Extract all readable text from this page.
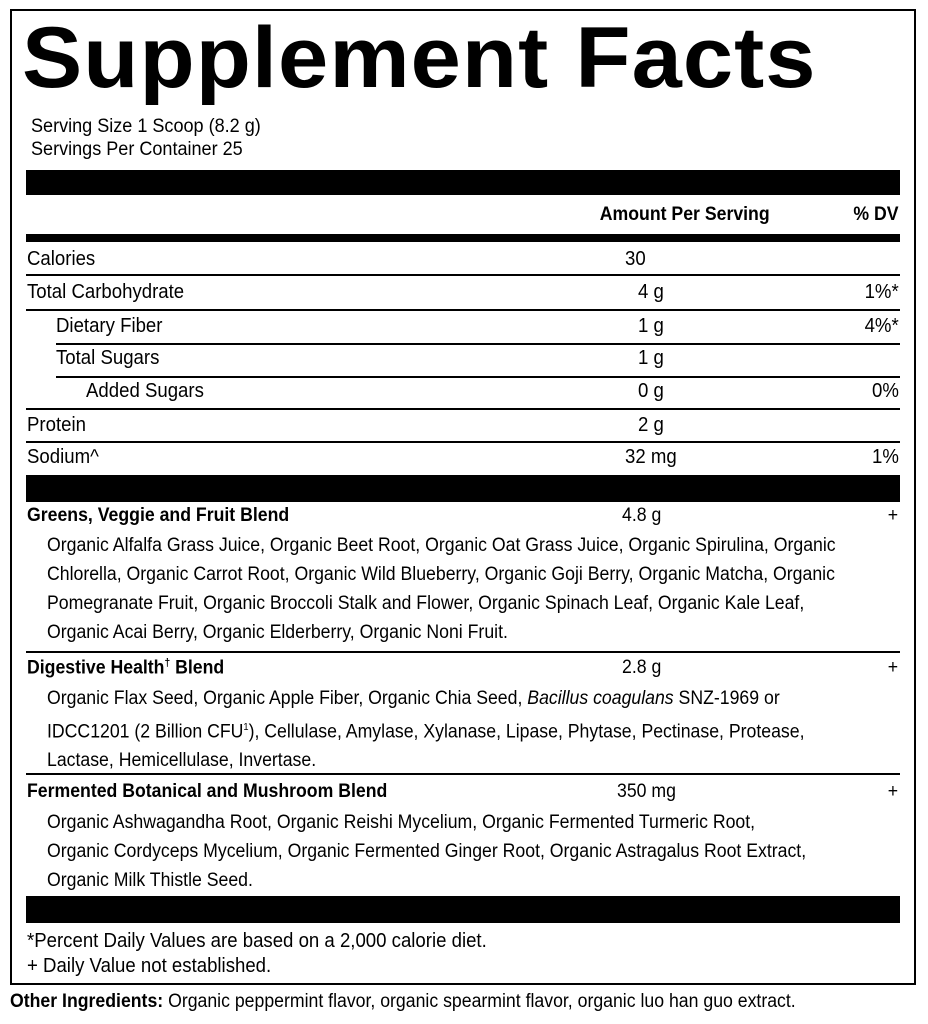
Supplement Facts
Serving Size 1 Scoop (8.2 g)
Servings Per Container 25
Amount Per Serving	% DV
Calories	30
Total Carbohydrate	4 g	1%*
Dietary Fiber	1 g	4%*
Total Sugars	1 g
Added Sugars	0 g	0%
Protein	2 g
Sodium^	32 mg	1%
Greens, Veggie and Fruit Blend	4.8 g	+
Organic Alfalfa Grass Juice, Organic Beet Root, Organic Oat Grass Juice, Organic Spirulina, Organic
Chlorella, Organic Carrot Root, Organic Wild Blueberry, Organic Goji Berry, Organic Matcha, Organic
Pomegranate Fruit, Organic Broccoli Stalk and Flower, Organic Spinach Leaf, Organic Kale Leaf,
Organic Acai Berry, Organic Elderberry, Organic Noni Fruit.
Digestive Health† Blend	2.8 g	+
Organic Flax Seed, Organic Apple Fiber, Organic Chia Seed, Bacillus coagulans SNZ-1969 or
IDCC1201 (2 Billion CFU$^1$), Cellulase, Amylase, Xylanase, Lipase, Phytase, Pectinase, Protease,
Lactase, Hemicellulase, Invertase.
Fermented Botanical and Mushroom Blend	350 mg	+
Organic Ashwagandha Root, Organic Reishi Mycelium, Organic Fermented Turmeric Root,
Organic Cordyceps Mycelium, Organic Fermented Ginger Root, Organic Astragalus Root Extract,
Organic Milk Thistle Seed.
*Percent Daily Values are based on a 2,000 calorie diet.
+ Daily Value not established.
Other Ingredients: Organic peppermint flavor, organic spearmint flavor, organic luo han guo extract.
